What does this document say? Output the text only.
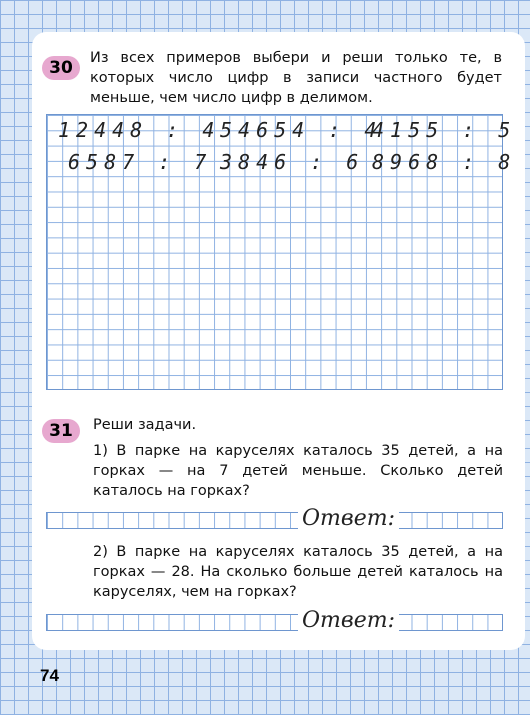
30 Из всех примеров выбери и реши только те, в которых число цифр в записи частного будет меньше, чем число цифр в делимом.
12448 : 4 54654 : 4
4155 : 5
6587 : 7 3846 : 6 8968 : 8
31 Реши задачи.
1) В парке на каруселях каталось 35 детей, а на горках — на 7 детей меньше. Сколько детей каталось на горках?
Ответ:
2) В парке на каруселях каталось 35 детей, а на горках — 28. На сколько больше детей каталось на каруселях, чем на горках?
Ответ:
74
